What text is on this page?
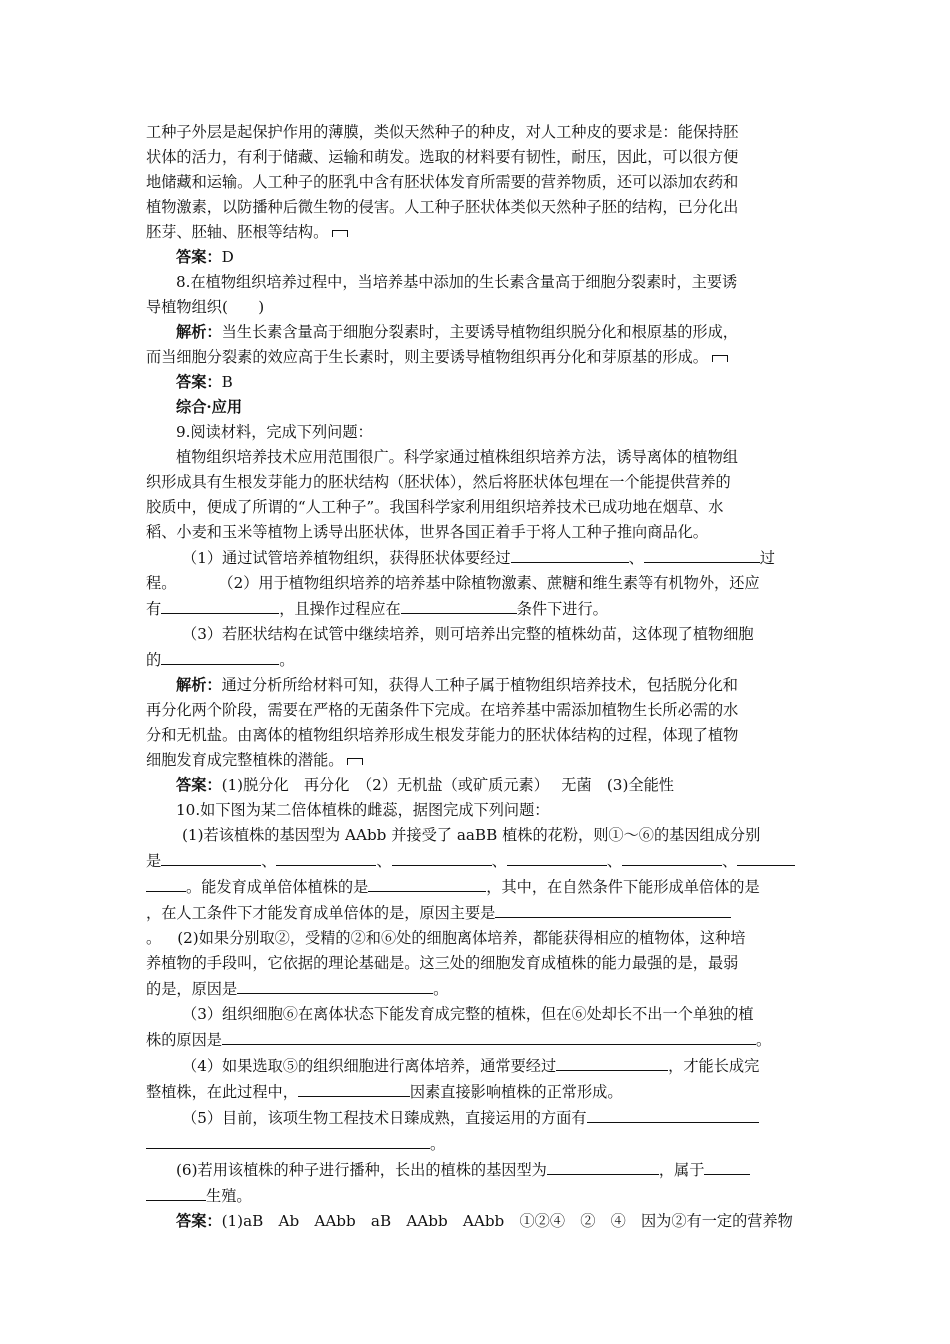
工种子外层是起保护作用的薄膜，类似天然种子的种皮，对人工种皮的要求是：能保持胚

状体的活力，有利于储藏、运输和萌发。选取的材料要有韧性，耐压，因此，可以很方便

地储藏和运输。人工种子的胚乳中含有胚状体发育所需要的营养物质，还可以添加农药和

植物激素，以防播种后微生物的侵害。人工种子胚状体类似天然种子胚的结构，已分化出

胚芽、胚轴、胚根等结构。

答案：D

8.在植物组织培养过程中，当培养基中添加的生长素含量高于细胞分裂素时，主要诱

导植物组织(　　)

解析：当生长素含量高于细胞分裂素时，主要诱导植物组织脱分化和根原基的形成，

而当细胞分裂素的效应高于生长素时，则主要诱导植物组织再分化和芽原基的形成。

答案：B

综合·应用

9.阅读材料，完成下列问题：

植物组织培养技术应用范围很广。科学家通过植株组织培养方法，诱导离体的植物组

织形成具有生根发芽能力的胚状结构（胚状体），然后将胚状体包埋在一个能提供营养的

胶质中，便成了所谓的“人工种子”。我国科学家利用组织培养技术已成功地在烟草、水

稻、小麦和玉米等植物上诱导出胚状体，世界各国正着手于将人工种子推向商品化。

（1）通过试管培养植物组织，获得胚状体要经过	、	过

程。	（2）用于植物组织培养的培养基中除植物激素、蔗糖和维生素等有机物外，还应

有	，且操作过程应在	条件下进行。

（3）若胚状结构在试管中继续培养，则可培养出完整的植株幼苗，这体现了植物细胞

的	。

解析：通过分析所给材料可知，获得人工种子属于植物组织培养技术，包括脱分化和

再分化两个阶段，需要在严格的无菌条件下完成。在培养基中需添加植物生长所必需的水

分和无机盐。由离体的植物组织培养形成生根发芽能力的胚状体结构的过程，体现了植物

细胞发育成完整植株的潜能。

答案：(1)脱分化　再分化　（2）无机盐（或矿质元素）　 无菌　(3)全能性

10.如下图为某二倍体植株的雌蕊，据图完成下列问题：

(1)若该植株的基因型为 AAbb 并接受了 aaBB 植株的花粉，则①～⑥的基因组成分别

是	、	、	、	、	、

。能发育成单倍体植株的是	，其中，在自然条件下能形成单倍体的是

，在人工条件下才能发育成单倍体的是，原因主要是

。 (2)如果分别取②，受精的②和⑥处的细胞离体培养，都能获得相应的植物体，这种培

养植物的手段叫，它依据的理论基础是。这三处的细胞发育成植株的能力最强的是，最弱

的是，原因是	。

（3）组织细胞⑥在离体状态下能发育成完整的植株，但在⑥处却长不出一个单独的植

株的原因是	。

（4）如果选取⑤的组织细胞进行离体培养，通常要经过	，才能长成完

整植株，在此过程中，	因素直接影响植株的正常形成。

（5）目前，该项生物工程技术日臻成熟，直接运用的方面有

。

(6)若用该植株的种子进行播种，长出的植株的基因型为	，属于

生殖。

答案：(1)aB　Ab　AAbb　aB　AAbb　AAbb　①②④　②　④　因为②有一定的营养物
